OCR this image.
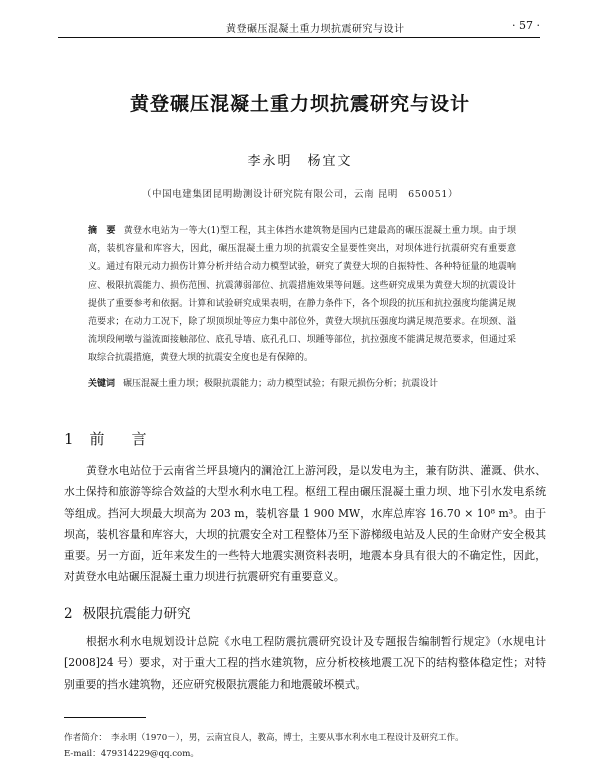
黄登碾压混凝土重力坝抗震研究与设计	· 57 ·
黄登碾压混凝土重力坝抗震研究与设计
李永明　杨宜文
（中国电建集团昆明勘测设计研究院有限公司，云南 昆明　650051）
摘　要 黄登水电站为一等大(1)型工程，其主体挡水建筑物是国内已建最高的碾压混凝土重力坝。由于坝高，装机容量和库容大，因此，碾压混凝土重力坝的抗震安全显要性突出，对坝体进行抗震研究有重要意义。通过有限元动力损伤计算分析并结合动力模型试验，研究了黄登大坝的自振特性、各种特征量的地震响应、极限抗震能力、损伤范围、抗震薄弱部位、抗震措施效果等问题。这些研究成果为黄登大坝的抗震设计提供了重要参考和依据。计算和试验研究成果表明，在静力条件下，各个坝段的抗压和抗拉强度均能满足规范要求；在动力工况下，除了坝顶坝址等应力集中部位外，黄登大坝抗压强度均满足规范要求。在坝颈、溢流坝段闸墩与溢流面接触部位、底孔导墙、底孔孔口、坝踵等部位，抗拉强度不能满足规范要求，但通过采取综合抗震措施，黄登大坝的抗震安全度也是有保障的。
关键词 碾压混凝土重力坝；极限抗震能力；动力模型试验；有限元损伤分析；抗震设计
1 前　言
黄登水电站位于云南省兰坪县境内的澜沧江上游河段，是以发电为主，兼有防洪、灌溉、供水、水土保持和旅游等综合效益的大型水利水电工程。枢纽工程由碾压混凝土重力坝、地下引水发电系统等组成。挡河大坝最大坝高为 203 m，装机容量 1 900 MW，水库总库容 16.70 × 10⁸ m³。由于坝高，装机容量和库容大，大坝的抗震安全对工程整体乃至下游梯级电站及人民的生命财产安全极其重要。另一方面，近年来发生的一些特大地震实测资料表明，地震本身具有很大的不确定性，因此，对黄登水电站碾压混凝土重力坝进行抗震研究有重要意义。
2 极限抗震能力研究
根据水利水电规划设计总院《水电工程防震抗震研究设计及专题报告编制暂行规定》（水规电计[2008]24 号）要求，对于重大工程的挡水建筑物，应分析校核地震工况下的结构整体稳定性；对特别重要的挡水建筑物，还应研究极限抗震能力和地震破坏模式。
作者简介： 李永明（1970－），男，云南宜良人，教高，博士，主要从事水利水电工程设计及研究工作。
E-mail：479314229@qq.com。
